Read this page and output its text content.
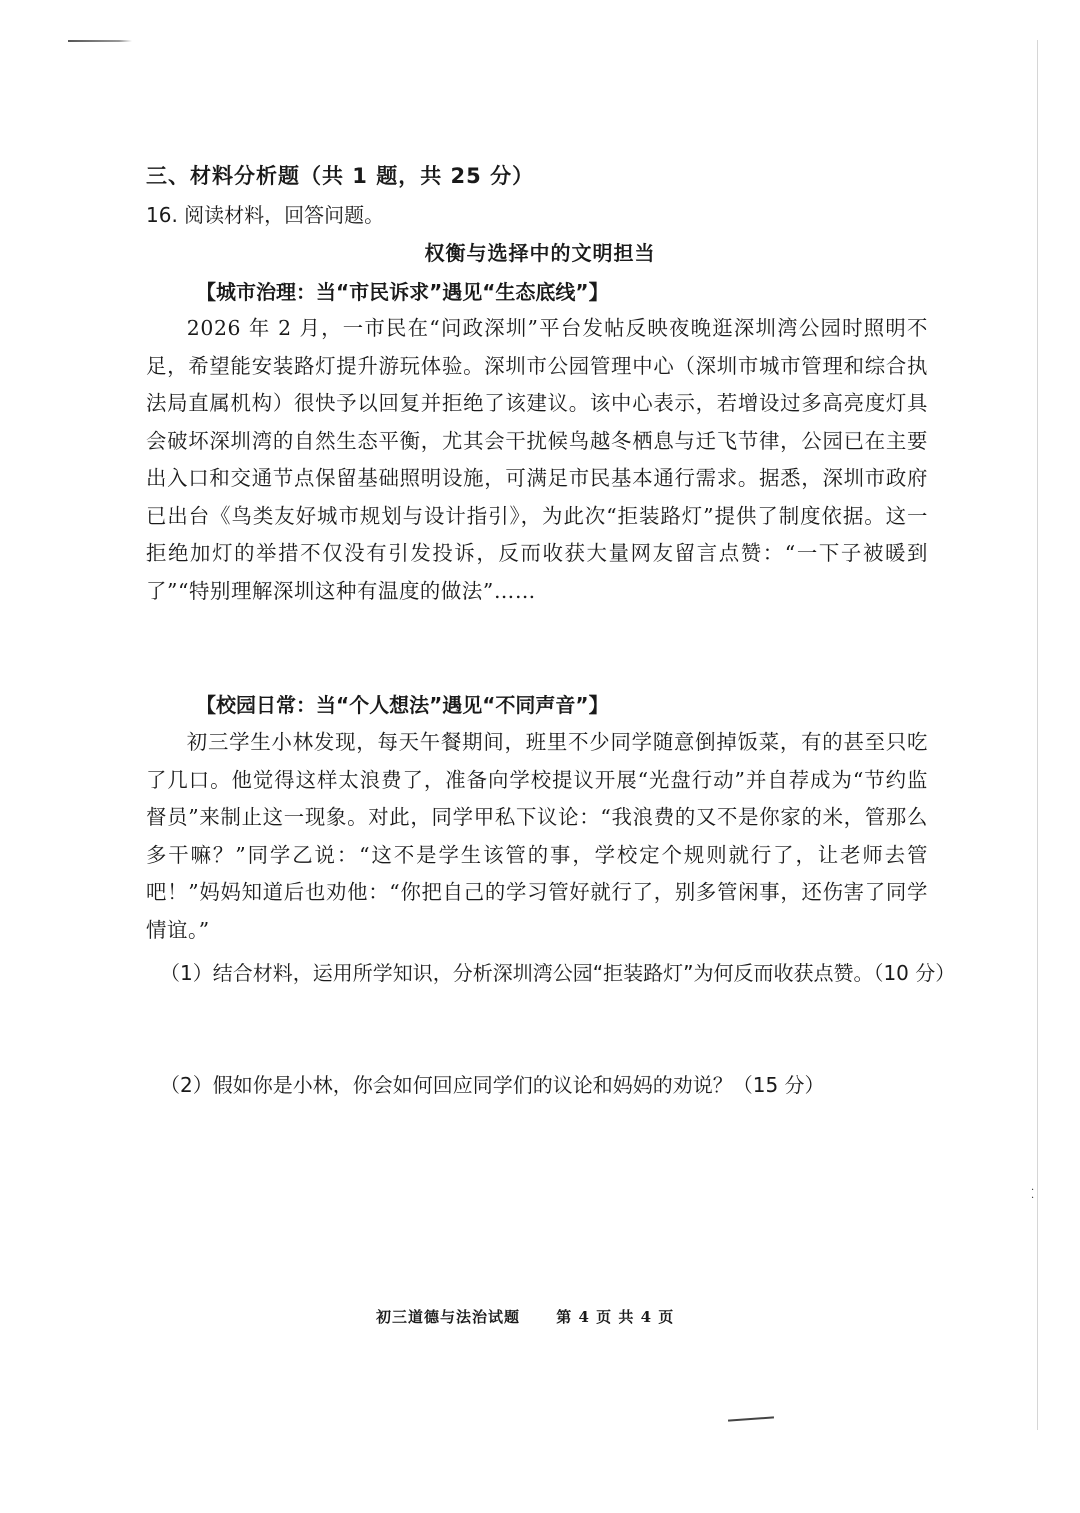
·
·
三、材料分析题（共 1 题，共 25 分）
16. 阅读材料，回答问题。
权衡与选择中的文明担当
【城市治理：当“市民诉求”遇见“生态底线”】
2026 年 2 月，一市民在“问政深圳”平台发帖反映夜晚逛深圳湾公园时照明不足，希望能安装路灯提升游玩体验。深圳市公园管理中心（深圳市城市管理和综合执法局直属机构）很快予以回复并拒绝了该建议。该中心表示，若增设过多高亮度灯具会破坏深圳湾的自然生态平衡，尤其会干扰候鸟越冬栖息与迁飞节律，公园已在主要出入口和交通节点保留基础照明设施，可满足市民基本通行需求。据悉，深圳市政府已出台《鸟类友好城市规划与设计指引》，为此次“拒装路灯”提供了制度依据。这一拒绝加灯的举措不仅没有引发投诉，反而收获大量网友留言点赞：“一下子被暖到了”“特别理解深圳这种有温度的做法”……
【校园日常：当“个人想法”遇见“不同声音”】
初三学生小林发现，每天午餐期间，班里不少同学随意倒掉饭菜，有的甚至只吃了几口。他觉得这样太浪费了，准备向学校提议开展“光盘行动”并自荐成为“节约监督员”来制止这一现象。对此，同学甲私下议论：“我浪费的又不是你家的米，管那么多干嘛？”同学乙说：“这不是学生该管的事，学校定个规则就行了，让老师去管吧！”妈妈知道后也劝他：“你把自己的学习管好就行了，别多管闲事，还伤害了同学情谊。”
（1）结合材料，运用所学知识，分析深圳湾公园“拒装路灯”为何反而收获点赞。（10 分）
（2）假如你是小林，你会如何回应同学们的议论和妈妈的劝说？（15 分）
初三道德与法治试题 第 4 页 共 4 页
